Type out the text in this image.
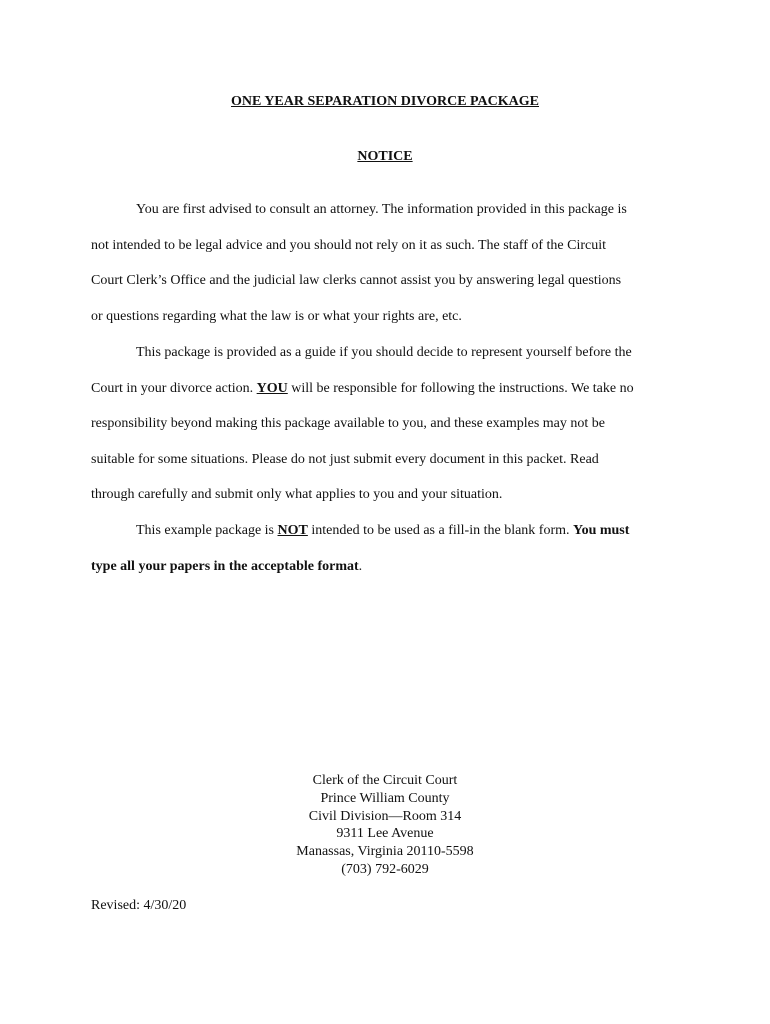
ONE YEAR SEPARATION DIVORCE PACKAGE
NOTICE
You are first advised to consult an attorney. The information provided in this package is
not intended to be legal advice and you should not rely on it as such. The staff of the Circuit
Court Clerk’s Office and the judicial law clerks cannot assist you by answering legal questions
or questions regarding what the law is or what your rights are, etc.
This package is provided as a guide if you should decide to represent yourself before the
Court in your divorce action. YOU will be responsible for following the instructions. We take no
responsibility beyond making this package available to you, and these examples may not be
suitable for some situations. Please do not just submit every document in this packet. Read
through carefully and submit only what applies to you and your situation.
This example package is NOT intended to be used as a fill-in the blank form. You must
type all your papers in the acceptable format.
Clerk of the Circuit Court
Prince William County
Civil Division—Room 314
9311 Lee Avenue
Manassas, Virginia 20110-5598
(703) 792-6029
Revised: 4/30/20
